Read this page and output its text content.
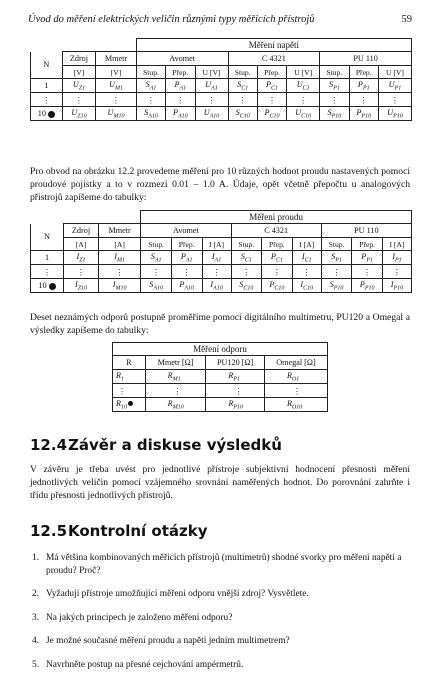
Úvod do měření elektrických veličin různými typy měřicích přístrojů	59
			Měření napětí								
N	Zdroj	Mmetr	Avomet			C 4321			PU 110		
	[V]	[V]	Stup.	Přep.	U [V]	Stup.	Přep.	U [V]	Stup.	Přep.	U [V]
1	$U_{Z1}$	$U_{M1}$	$S_{A1}$	$P_{A1}$	$U_{A1}$	$S_{C1}$	$P_{C1}$	$U_{C1}$	$S_{P1}$	$P_{P1}$	$U_{P1}$
⋮	⋮	⋮	⋮	⋮	⋮	⋮	⋮	⋮	⋮	⋮	⋮
10	$U_{Z10}$	$U_{M10}$	$S_{A10}$	$P_{A10}$	$U_{A10}$	$S_{C10}$	$P_{C10}$	$U_{C10}$	$S_{P10}$	$P_{P10}$	$U_{P10}$

Pro obvod na obrázku 12.2 provedeme měření pro 10 různých hodnot proudu nastavených pomocí proudové pojistky a to v rozmezí 0.01 – 1.0 A. Údaje, opět včetně přepočtu u analogových přístrojů zapíšeme do tabulky:

			Měření proudu								
N	Zdroj	Mmetr	Avomet			C 4321			PU 110		
	[A]	[A]	Stup.	Přep.	I [A]	Stup.	Přep.	I [A]	Stup.	Přep.	I [A]
1	$I_{Z1}$	$I_{M1}$	$S_{A1}$	$P_{A1}$	$I_{A1}$	$S_{C1}$	$P_{C1}$	$I_{C1}$	$S_{P1}$	$P_{P1}$	$I_{P1}$
⋮	⋮	⋮	⋮	⋮	⋮	⋮	⋮	⋮	⋮	⋮	⋮
10	$I_{Z10}$	$I_{M10}$	$S_{A10}$	$P_{A10}$	$I_{A10}$	$S_{C10}$	$P_{C10}$	$I_{C10}$	$S_{P10}$	$P_{P10}$	$I_{P10}$

Deset neznámých odporů postupně proměříme pomocí digitálního multimetru, PU120 a Omegal a výsledky zapíšeme do tabulky:

Měření odporu			
R	Mmetr [Ω]	PU120 [Ω]	Omegal [Ω]
$R_1$	$R_{M1}$	$R_{P1}$	$R_{O1}$
⋮	⋮	⋮	⋮
$R_{10}$	$R_{M10}$	$R_{P10}$	$R_{O10}$
12.4Závěr a diskuse výsledků

V závěru je třeba uvést pro jednotlivé přístroje subjektivní hodnocení přesnosti měření jednotlivých veličin pomocí vzájemného srovnání naměřených hodnot. Do porovnání zahrňte i třídu přesnosti jednotlivých přístrojů.

12.5Kontrolní otázky
1. Má většina kombinovaných měřicích přístrojů (multimetrů) shodné svorky pro měření napětí a proudu? Proč?
2. Vyžadují přístroje umožňující měření odporu vnější zdroj? Vysvětlete.
3. Na jakých principech je založeno měření odporu?
4. Je možné současné měření proudu a napětí jedním multimetrem?
5. Navrhněte postup na přesné cejchování ampérmetrů.
